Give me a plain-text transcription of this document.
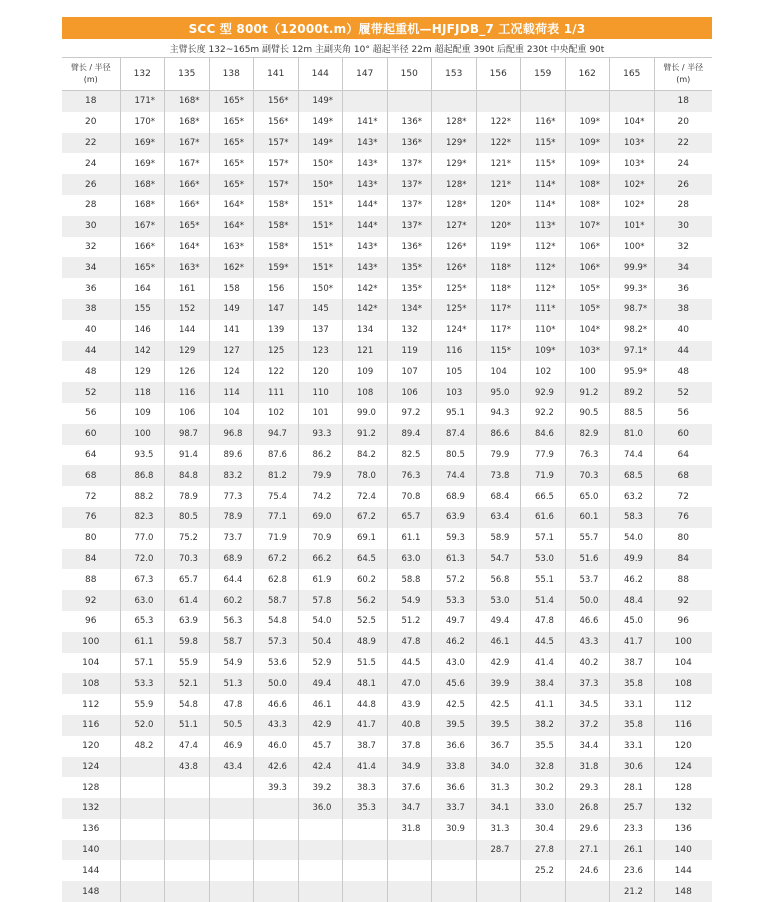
SCC 型 800t（12000t.m）履带起重机—HJFJDB_7 工况载荷表 1/3
主臂长度 132~165m 副臂长 12m 主副夹角 10° 超起半径 22m 超起配重 390t 后配重 230t 中央配重 90t
臂长 / 半径
(m)	132	135	138	141	144	147	150	153	156	159	162	165	臂长 / 半径
(m)
18	171*	168*	165*	156*	149*								18
20	170*	168*	165*	156*	149*	141*	136*	128*	122*	116*	109*	104*	20
22	169*	167*	165*	157*	149*	143*	136*	129*	122*	115*	109*	103*	22
24	169*	167*	165*	157*	150*	143*	137*	129*	121*	115*	109*	103*	24
26	168*	166*	165*	157*	150*	143*	137*	128*	121*	114*	108*	102*	26
28	168*	166*	164*	158*	151*	144*	137*	128*	120*	114*	108*	102*	28
30	167*	165*	164*	158*	151*	144*	137*	127*	120*	113*	107*	101*	30
32	166*	164*	163*	158*	151*	143*	136*	126*	119*	112*	106*	100*	32
34	165*	163*	162*	159*	151*	143*	135*	126*	118*	112*	106*	99.9*	34
36	164	161	158	156	150*	142*	135*	125*	118*	112*	105*	99.3*	36
38	155	152	149	147	145	142*	134*	125*	117*	111*	105*	98.7*	38
40	146	144	141	139	137	134	132	124*	117*	110*	104*	98.2*	40
44	142	129	127	125	123	121	119	116	115*	109*	103*	97.1*	44
48	129	126	124	122	120	109	107	105	104	102	100	95.9*	48
52	118	116	114	111	110	108	106	103	95.0	92.9	91.2	89.2	52
56	109	106	104	102	101	99.0	97.2	95.1	94.3	92.2	90.5	88.5	56
60	100	98.7	96.8	94.7	93.3	91.2	89.4	87.4	86.6	84.6	82.9	81.0	60
64	93.5	91.4	89.6	87.6	86.2	84.2	82.5	80.5	79.9	77.9	76.3	74.4	64
68	86.8	84.8	83.2	81.2	79.9	78.0	76.3	74.4	73.8	71.9	70.3	68.5	68
72	88.2	78.9	77.3	75.4	74.2	72.4	70.8	68.9	68.4	66.5	65.0	63.2	72
76	82.3	80.5	78.9	77.1	69.0	67.2	65.7	63.9	63.4	61.6	60.1	58.3	76
80	77.0	75.2	73.7	71.9	70.9	69.1	61.1	59.3	58.9	57.1	55.7	54.0	80
84	72.0	70.3	68.9	67.2	66.2	64.5	63.0	61.3	54.7	53.0	51.6	49.9	84
88	67.3	65.7	64.4	62.8	61.9	60.2	58.8	57.2	56.8	55.1	53.7	46.2	88
92	63.0	61.4	60.2	58.7	57.8	56.2	54.9	53.3	53.0	51.4	50.0	48.4	92
96	65.3	63.9	56.3	54.8	54.0	52.5	51.2	49.7	49.4	47.8	46.6	45.0	96
100	61.1	59.8	58.7	57.3	50.4	48.9	47.8	46.2	46.1	44.5	43.3	41.7	100
104	57.1	55.9	54.9	53.6	52.9	51.5	44.5	43.0	42.9	41.4	40.2	38.7	104
108	53.3	52.1	51.3	50.0	49.4	48.1	47.0	45.6	39.9	38.4	37.3	35.8	108
112	55.9	54.8	47.8	46.6	46.1	44.8	43.9	42.5	42.5	41.1	34.5	33.1	112
116	52.0	51.1	50.5	43.3	42.9	41.7	40.8	39.5	39.5	38.2	37.2	35.8	116
120	48.2	47.4	46.9	46.0	45.7	38.7	37.8	36.6	36.7	35.5	34.4	33.1	120
124		43.8	43.4	42.6	42.4	41.4	34.9	33.8	34.0	32.8	31.8	30.6	124
128				39.3	39.2	38.3	37.6	36.6	31.3	30.2	29.3	28.1	128
132					36.0	35.3	34.7	33.7	34.1	33.0	26.8	25.7	132
136							31.8	30.9	31.3	30.4	29.6	23.3	136
140									28.7	27.8	27.1	26.1	140
144										25.2	24.6	23.6	144
148												21.2	148
